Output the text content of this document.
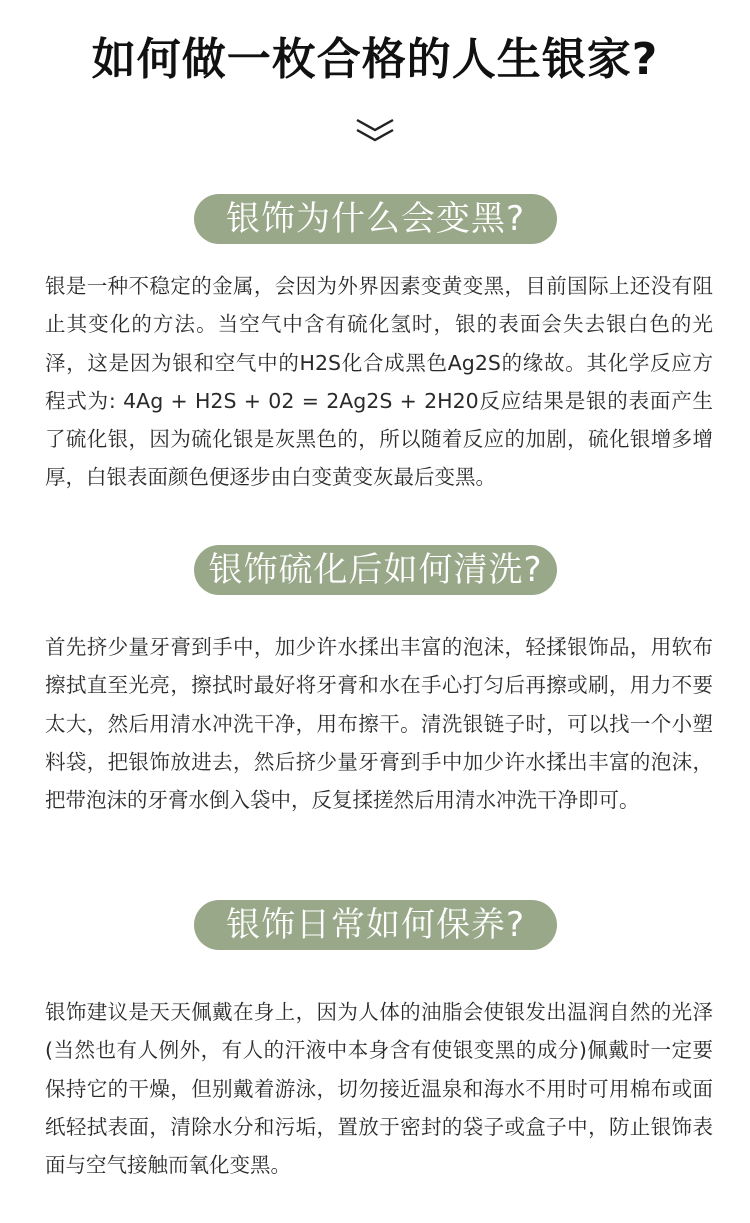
如何做一枚合格的人生银家?
银饰为什么会变黑?

银是一种不稳定的金属，会因为外界因素变黄变黑，目前国际上还没有阻止其变化的方法。当空气中含有硫化氢时，银的表面会失去银白色的光泽，这是因为银和空气中的H2S化合成黑色Ag2S的缘故。其化学反应方程式为: 4Ag + H2S + 02 = 2Ag2S + 2H20反应结果是银的表面产生了硫化银，因为硫化银是灰黑色的，所以随着反应的加剧，硫化银增多增厚，白银表面颜色便逐步由白变黄变灰最后变黑。

银饰硫化后如何清洗?

首先挤少量牙膏到手中，加少许水揉出丰富的泡沫，轻揉银饰品，用软布擦拭直至光亮，擦拭时最好将牙膏和水在手心打匀后再擦或刷，用力不要太大，然后用清水冲洗干净，用布擦干。清洗银链子时，可以找一个小塑料袋，把银饰放进去，然后挤少量牙膏到手中加少许水揉出丰富的泡沫，把带泡沫的牙膏水倒入袋中，反复揉搓然后用清水冲洗干净即可。

银饰日常如何保养?

银饰建议是天天佩戴在身上，因为人体的油脂会使银发出温润自然的光泽(当然也有人例外，有人的汗液中本身含有使银变黑的成分)佩戴时一定要保持它的干燥，但别戴着游泳，切勿接近温泉和海水不用时可用棉布或面纸轻拭表面，清除水分和污垢，置放于密封的袋子或盒子中，防止银饰表面与空气接触而氧化变黑。
